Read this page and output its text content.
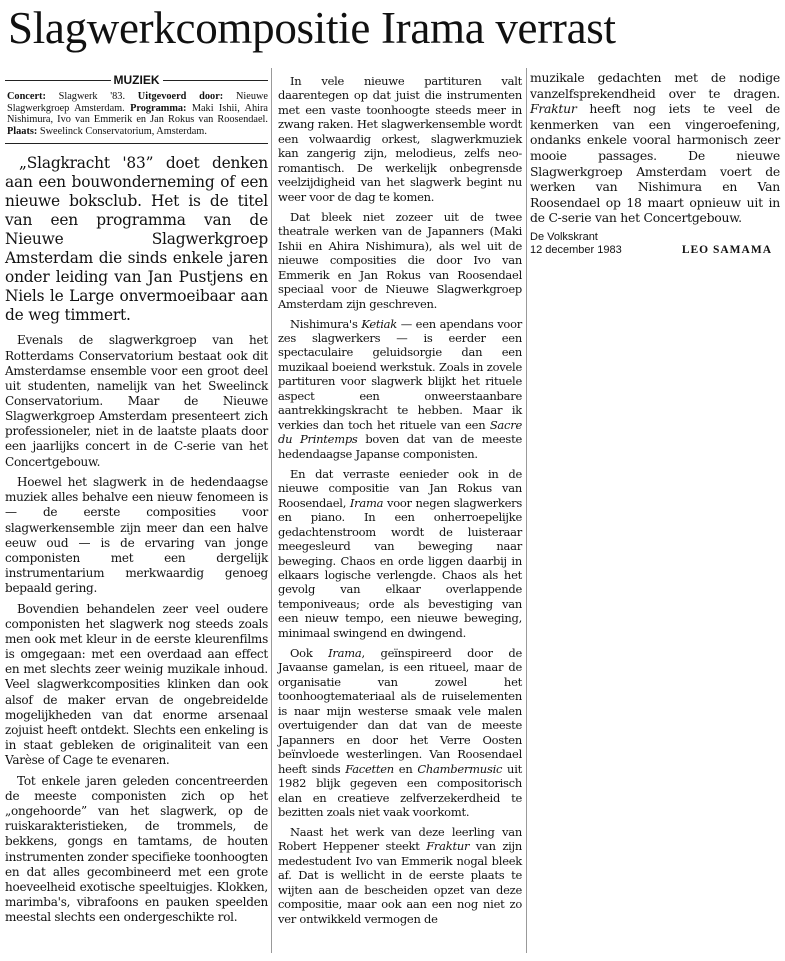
Slagwerkcompositie Irama verrast
MUZIEK
Concert: Slagwerk '83. Uitgevoerd door: Nieuwe Slagwerkgroep Amsterdam. Programma: Maki Ishii, Ahira Nishimura, Ivo van Emmerik en Jan Rokus van Roosendael. Plaats: Sweelinck Conservatorium, Amsterdam.

„Slagkracht '83” doet denken aan een bouwonderneming of een nieuwe boksclub. Het is de titel van een programma van de Nieuwe Slagwerkgroep Amsterdam die sinds enkele jaren onder leiding van Jan Pustjens en Niels le Large onvermoeibaar aan de weg timmert.

Evenals de slagwerkgroep van het Rotterdams Conservatorium bestaat ook dit Amsterdamse ensemble voor een groot deel uit studenten, namelijk van het Sweelinck Conservatorium. Maar de Nieuwe Slagwerkgroep Amsterdam presenteert zich professioneler, niet in de laatste plaats door een jaarlijks concert in de C-serie van het Concertgebouw.

Hoewel het slagwerk in de hedendaagse muziek alles behalve een nieuw fenomeen is — de eerste composities voor slagwerkensemble zijn meer dan een halve eeuw oud — is de ervaring van jonge componisten met een dergelijk instrumentarium merkwaardig genoeg bepaald gering.

Bovendien behandelen zeer veel oudere componisten het slagwerk nog steeds zoals men ook met kleur in de eerste kleurenfilms is omgegaan: met een overdaad aan effect en met slechts zeer weinig muzikale inhoud. Veel slagwerkcomposities klinken dan ook alsof de maker ervan de ongebreidelde mogelijkheden van dat enorme arsenaal zojuist heeft ontdekt. Slechts een enkeling is in staat gebleken de originaliteit van een Varèse of Cage te evenaren.

Tot enkele jaren geleden concentreerden de meeste componisten zich op het „ongehoorde” van het slagwerk, op de ruiskarakteristieken, de trommels, de bekkens, gongs en tamtams, de houten instrumenten zonder specifieke toonhoogten en dat alles gecombineerd met een grote hoeveelheid exotische speeltuigjes. Klokken, marimba's, vibrafoons en pauken speelden meestal slechts een ondergeschikte rol.

In vele nieuwe partituren valt daarentegen op dat juist die instrumenten met een vaste toonhoogte steeds meer in zwang raken. Het slagwerkensemble wordt een volwaardig orkest, slagwerkmuziek kan zangerig zijn, melodieus, zelfs neo-romantisch. De werkelijk onbegrensde veelzijdigheid van het slagwerk begint nu weer voor de dag te komen.

Dat bleek niet zozeer uit de twee theatrale werken van de Japanners (Maki Ishii en Ahira Nishimura), als wel uit de nieuwe composities die door Ivo van Emmerik en Jan Rokus van Roosendael speciaal voor de Nieuwe Slagwerkgroep Amsterdam zijn geschreven.

Nishimura's Ketiak — een apendans voor zes slagwerkers — is eerder een spectaculaire geluidsorgie dan een muzikaal boeiend werkstuk. Zoals in zovele partituren voor slagwerk blijkt het rituele aspect een onweerstaanbare aantrekkingskracht te hebben. Maar ik verkies dan toch het rituele van een Sacre du Printemps boven dat van de meeste hedendaagse Japanse componisten.

En dat verraste eenieder ook in de nieuwe compositie van Jan Rokus van Roosendael, Irama voor negen slagwerkers en piano. In een onherroepelijke gedachtenstroom wordt de luisteraar meegesleurd van beweging naar beweging. Chaos en orde liggen daarbij in elkaars logische verlengde. Chaos als het gevolg van elkaar overlappende temponiveaus; orde als bevestiging van een nieuw tempo, een nieuwe beweging, minimaal swingend en dwingend.

Ook Irama, geïnspireerd door de Javaanse gamelan, is een ritueel, maar de organisatie van zowel het toonhoogtemateriaal als de ruiselementen is naar mijn westerse smaak vele malen overtuigender dan dat van de meeste Japanners en door het Verre Oosten beïnvloede westerlingen. Van Roosendael heeft sinds Facetten en Chambermusic uit 1982 blijk gegeven een compositorisch elan en creatieve zelfverzekerdheid te bezitten zoals niet vaak voorkomt.

Naast het werk van deze leerling van Robert Heppener steekt Fraktur van zijn medestudent Ivo van Emmerik nogal bleek af. Dat is wellicht in de eerste plaats te wijten aan de bescheiden opzet van deze compositie, maar ook aan een nog niet zo ver ontwikkeld vermogen de

muzikale gedachten met de nodige vanzelfsprekendheid over te dragen. Fraktur heeft nog iets te veel de kenmerken van een vingeroefening, ondanks enkele vooral harmonisch zeer mooie passages. De nieuwe Slagwerkgroep Amsterdam voert de werken van Nishimura en Van Roosendael op 18 maart opnieuw uit in de C-serie van het Concertgebouw.

De Volkskrant
12 december 1983	LEO SAMAMA
